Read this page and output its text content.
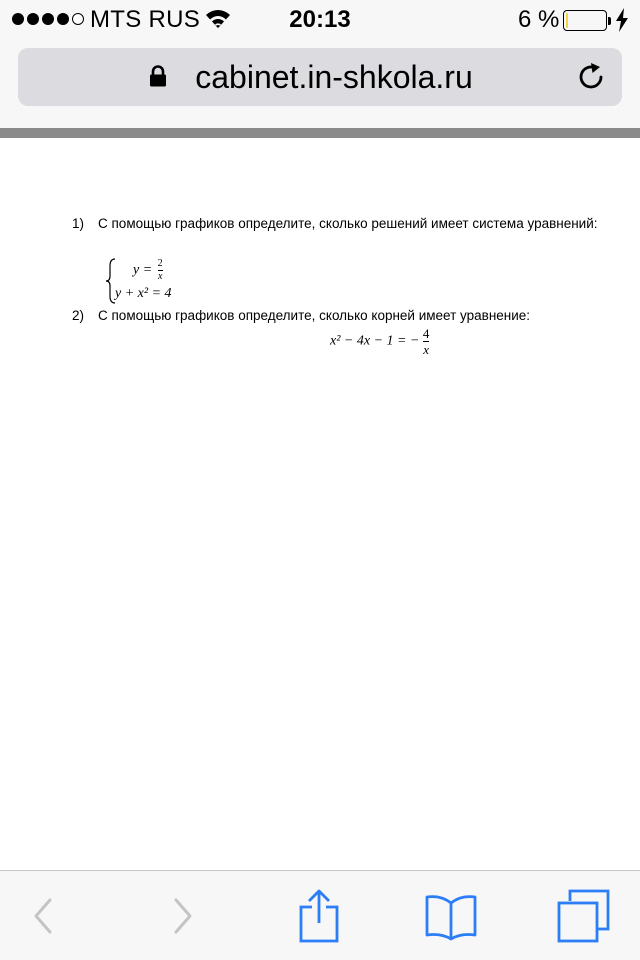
MTS RUS	20:13	6 %
cabinet.in-shkola.ru
1) С помощью графиков определите, сколько решений имеет система уравнений:
$y = \frac{2}{x}$
y + x² = 4
2) С помощью графиков определите, сколько корней имеет уравнение:
x² − 4x − 1 = − $\frac{4}{x}$
